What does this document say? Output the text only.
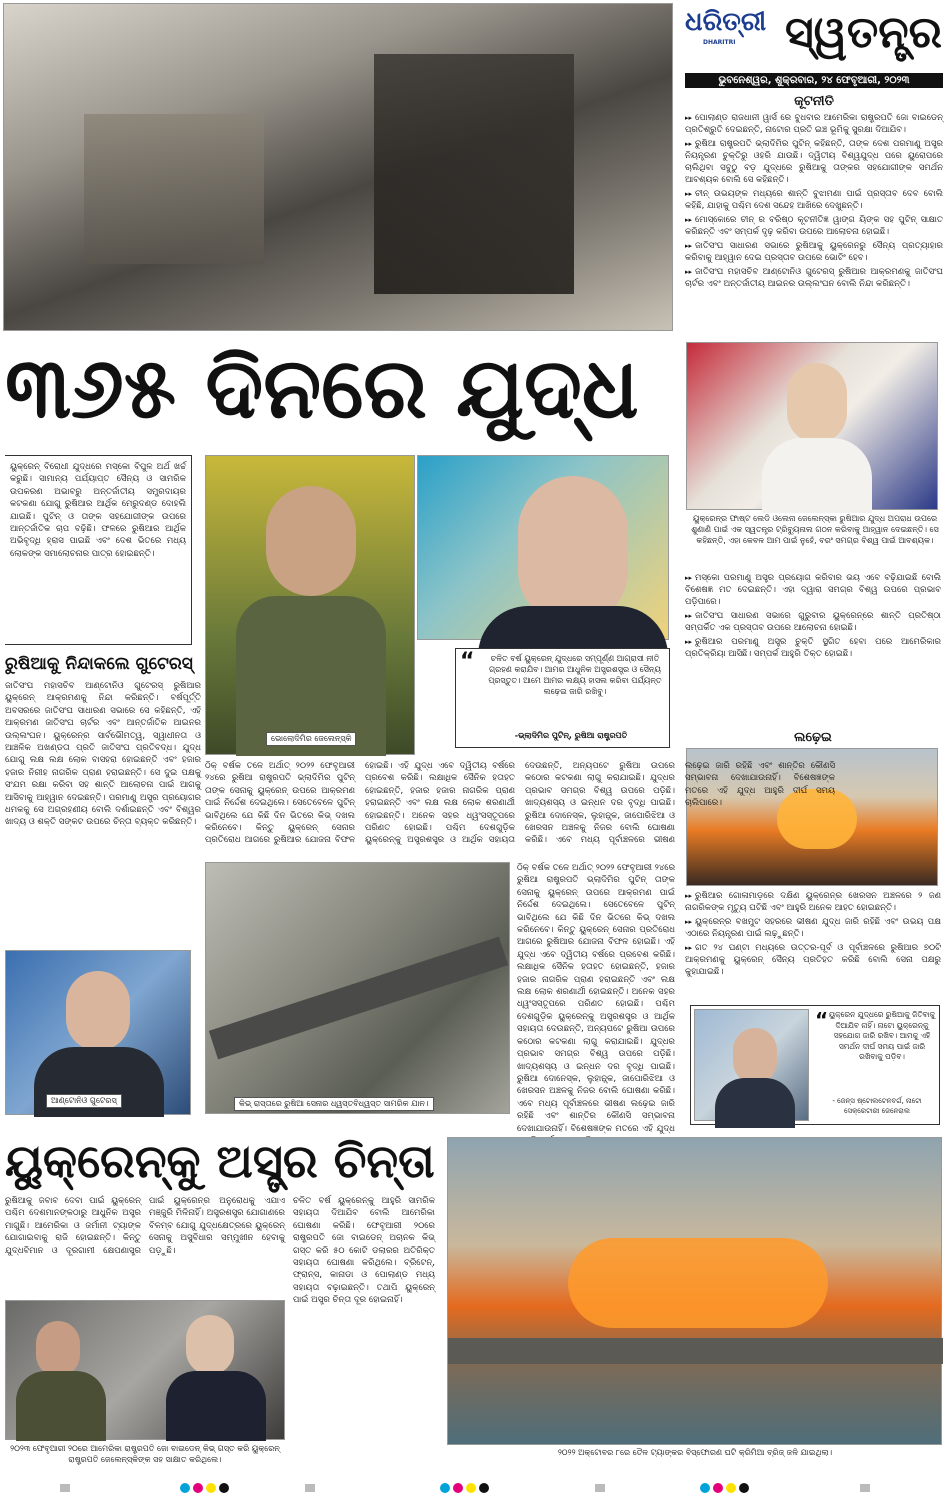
ଧରିତ୍ରୀ
DHARITRI ସ୍ୱତନ୍ତ୍ର
ଭୁବନେଶ୍ୱର, ଶୁକ୍ରବାର, ୨୪ ଫେବୃଆରୀ, ୨୦୨୩
କୂଟନୀତି
▸▸ ପୋଲାଣ୍ଡ ରାଜଧାନୀ ୱାର୍ସ ରେ ବୁଧବାର ଆମେରିକା ରାଷ୍ଟ୍ରପତି ଜୋ ବାଇଡେନ୍ ପ୍ରତିଶ୍ରୁତି ଦେଇଛନ୍ତି, ନାଟୋର ପ୍ରତି ଇଞ୍ଚ ଭୂମିକୁ ସୁରକ୍ଷା ଦିଆଯିବ।
▸▸ ରୁଷିଆ ରାଷ୍ଟ୍ରପତି ଭ୍ଲାଦିମିର ପୁଟିନ୍ କହିଛନ୍ତି, ତାଙ୍କ ଦେଶ ପରମାଣୁ ଅସ୍ତ୍ର ନିୟନ୍ତ୍ରଣ ଚୁକ୍ତିରୁ ଓହରି ଯାଉଛି। ଦ୍ୱିତୀୟ ବିଶ୍ୱଯୁଦ୍ଧ ପରେ ୟୁରୋପରେ ଚାଲିଥିବା ସବୁଠୁ ବଡ଼ ଯୁଦ୍ଧରେ ରୁଷିଆକୁ ତାଙ୍କର ସହଯୋଗୀଙ୍କ ସମର୍ଥନ ଆବଶ୍ୟକ ବୋଲି ସେ କହିଛନ୍ତି।
▸▸ ଚୀନ୍ ଉଭୟଙ୍କ ମଧ୍ୟରେ ଶାନ୍ତି ବୁଝାମଣା ପାଇଁ ପ୍ରସ୍ତାବ ଦେବ ବୋଲି କହିଛି, ଯାହାକୁ ପଶ୍ଚିମ ଦେଶ ସନ୍ଦେହ ଆଖିରେ ଦେଖୁଛନ୍ତି।
▸▸ ମୋସ୍କୋରେ ଚୀନ୍ ର ବରିଷ୍ଠ କୂଟନୀତିଜ୍ଞ ୱାଙ୍ଗ ୟିଙ୍କ ସହ ପୁଟିନ୍ ସାକ୍ଷାତ କରିଛନ୍ତି ଏବଂ ସମ୍ପର୍କ ଦୃଢ଼ କରିବା ଉପରେ ଆଲୋଚନା ହୋଇଛି।
▸▸ ଜାତିସଂଘ ସାଧାରଣ ସଭାରେ ରୁଷିଆକୁ ୟୁକ୍ରେନରୁ ସୈନ୍ୟ ପ୍ରତ୍ୟାହାର କରିବାକୁ ଆହ୍ୱାନ ଦେଇ ପ୍ରସ୍ତାବ ଉପରେ ଭୋଟିଂ ହେବ।
▸▸ ଜାତିସଂଘ ମହାସଚିବ ଆଣ୍ଟୋନିଓ ଗୁଟେରସ୍ ରୁଷିଆର ଆକ୍ରମଣକୁ ଜାତିସଂଘ ଚାର୍ଟର ଏବଂ ଅନ୍ତର୍ଜାତୀୟ ଆଇନର ଉଲ୍ଲଂଘନ ବୋଲି ନିନ୍ଦା କରିଛନ୍ତି।
୩୬୫ ଦିନରେ ଯୁଦ୍ଧ
ୟୁକ୍ରେନ୍‌ର ଫାଷ୍ଟ ଲେଡି ଓଲେନା ଜେଲେନ୍‌ସ୍କା ରୁଷିଆର ଯୁଦ୍ଧ ଅପରାଧ ଉପରେ ଶୁଣାଣି ପାଇଁ ଏକ ସ୍ୱତନ୍ତ୍ର ଟ୍ରିବ୍ୟୁନାଲ ଗଠନ କରିବାକୁ ଆହ୍ୱାନ ଦେଇଛନ୍ତି। ସେ କହିଛନ୍ତି, ଏହା କେବଳ ଆମ ପାଇଁ ନୁହେଁ, ବରଂ ସମଗ୍ର ବିଶ୍ୱ ପାଇଁ ଆବଶ୍ୟକ।
▸▸ ମସ୍କୋ ପରମାଣୁ ଅସ୍ତ୍ର ପ୍ରୟୋଗ କରିବାର ଭୟ ଏବେ ବଢ଼ିଯାଇଛି ବୋଲି ବିଶେଷଜ୍ଞ ମତ ଦେଇଛନ୍ତି। ଏହା ଦ୍ୱାରା ସମଗ୍ର ବିଶ୍ୱ ଉପରେ ପ୍ରଭାବ ପଡ଼ିପାରେ।
▸▸ ଜାତିସଂଘ ସାଧାରଣ ସଭାରେ ଗୁରୁବାର ୟୁକ୍ରେନ୍‌ରେ ଶାନ୍ତି ପ୍ରତିଷ୍ଠା ସମ୍ପର୍କିତ ଏକ ପ୍ରସ୍ତାବ ଉପରେ ଆଲୋଚନା ହୋଇଛି।
▸▸ ରୁଷିଆର ପରମାଣୁ ଅସ୍ତ୍ର ଚୁକ୍ତି ସ୍ଥଗିତ ହେବା ପରେ ଆମେରିକାର ପ୍ରତିକ୍ରିୟା ଆସିଛି। ସମ୍ପର୍କ ଆହୁରି ତିକ୍ତ ହୋଇଛି।
ଲଢ଼େଇ
▸▸ ରୁଷିଆର ଗୋଳାମାଡ଼ରେ ଦକ୍ଷିଣ ୟୁକ୍ରେନ୍‌ର ଖେରସନ ଅଞ୍ଚଳରେ ୨ ଜଣ ନାଗରିକଙ୍କ ମୃତ୍ୟୁ ଘଟିଛି ଏବଂ ଆହୁରି ଅନେକ ଆହତ ହୋଇଛନ୍ତି।
▸▸ ୟୁକ୍ରେନ୍‌ର ବଖମୁଟ ସହରରେ ଭୀଷଣ ଯୁଦ୍ଧ ଜାରି ରହିଛି ଏବଂ ଉଭୟ ପକ୍ଷ ଏଠାରେ ନିୟନ୍ତ୍ରଣ ପାଇଁ ଲଢ଼ୁଛନ୍ତି।
▸▸ ଗତ ୨୪ ଘଣ୍ଟା ମଧ୍ୟରେ ଉତ୍ତର-ପୂର୍ବ ଓ ପୂର୍ବାଞ୍ଚଳରେ ରୁଷିଆର ୭୦ଟି ଆକ୍ରମଣକୁ ୟୁକ୍ରେନ୍ ସୈନ୍ୟ ପ୍ରତିହତ କରିଛି ବୋଲି ସେନା ପକ୍ଷରୁ କୁହାଯାଇଛି।
“ ୟୁକ୍ରେନ ଯୁଦ୍ଧରେ ରୁଷିଆକୁ ଜିତିବାକୁ ଦିଆଯିବ ନାହିଁ। ନାଟୋ ୟୁକ୍ରେନ୍‌କୁ ସହଯୋଗ ଜାରି ରଖିବ। ଆମକୁ ଏହି ସମର୍ଥନ ଦୀର୍ଘ ସମୟ ପାଇଁ ଜାରି ରଖିବାକୁ ପଡ଼ିବ।
- ଜେନ୍ସ ଷ୍ଟୋଲଟେନବର୍ଗ, ନାଟୋ ସେକ୍ରେଟାରୀ ଜେନେରାଲ
ୟୁକ୍ରେନ୍ ବିରୋଧୀ ଯୁଦ୍ଧରେ ମସ୍କୋ ବିପୁଳ ଅର୍ଥ ଖର୍ଚ୍ଚ କରୁଛି। ସାମାନ୍ୟ ପର୍ଯ୍ୟାପ୍ତ ସୈନ୍ୟ ଓ ସାମରିକ ଉପକରଣ ଅଭାବରୁ ଅନ୍ତର୍ଜାତୀୟ ସମ୍ପ୍ରଦାୟର କଟକଣା ଯୋଗୁ ରୁଷିଆର ଆର୍ଥିକ ମେରୁଦଣ୍ଡ ଦୋହଲି ଯାଇଛି। ପୁଟିନ୍ ଓ ତାଙ୍କ ସହଯୋଗୀଙ୍କ ଉପରେ ଆନ୍ତର୍ଜାତିକ ଚାପ ବଢ଼ିଛି। ଫଳରେ ରୁଷିଆର ଆର୍ଥିକ ଅଭିବୃଦ୍ଧି ହ୍ରାସ ପାଇଛି ଏବଂ ଦେଶ ଭିତରେ ମଧ୍ୟ ଲୋକଙ୍କ ସମାଲୋଚନାର ପାତ୍ର ହୋଇଛନ୍ତି।
ଭୋଲୋଦିମିର ଜେଲେନ୍‌ସ୍କି
“	ଚଳିତ ବର୍ଷ ୟୁକ୍ରେନ୍ ଯୁଦ୍ଧରେ ସମ୍ପୂର୍ଣ୍ଣ ଆଗ୍ରାସୀ ନୀତି ଗ୍ରହଣ କରାଯିବ। ଆମର ଆଧୁନିକ ଅସ୍ତ୍ରଶସ୍ତ୍ର ଓ ସୈନ୍ୟ ପ୍ରସ୍ତୁତ। ଆମେ ଆମର ଲକ୍ଷ୍ୟ ହାସଲ କରିବା ପର୍ଯ୍ୟନ୍ତ ଲଢ଼େଇ ଜାରି ରଖିବୁ।
-ଭ୍ଲାଦିମିର ପୁଟିନ୍, ରୁଷିଆ ରାଷ୍ଟ୍ରପତି
ରୁଷିଆକୁ ନିନ୍ଦାକଲେ ଗୁଟେରସ୍
ଜାତିସଂଘ ମହାସଚିବ ଆଣ୍ଟୋନିଓ ଗୁଟେରସ୍ ରୁଷିଆର ୟୁକ୍ରେନ୍ ଆକ୍ରମଣକୁ ନିନ୍ଦା କରିଛନ୍ତି। ବର୍ଷପୂର୍ତ୍ତି ଅବସରରେ ଜାତିସଂଘ ସାଧାରଣ ସଭାରେ ସେ କହିଛନ୍ତି, ଏହି ଆକ୍ରମଣ ଜାତିସଂଘ ଚାର୍ଟର ଏବଂ ଆନ୍ତର୍ଜାତିକ ଆଇନର ଉଲ୍ଲଂଘନ। ୟୁକ୍ରେନ୍‌ର ସାର୍ବଭୌମତ୍ୱ, ସ୍ୱାଧୀନତା ଓ ଆଞ୍ଚଳିକ ଅଖଣ୍ଡତା ପ୍ରତି ଜାତିସଂଘ ପ୍ରତିବଦ୍ଧ। ଯୁଦ୍ଧ ଯୋଗୁ ଲକ୍ଷ ଲକ୍ଷ ଲୋକ ବାସହରା ହୋଇଛନ୍ତି ଏବଂ ହଜାର ହଜାର ନିରୀହ ନାଗରିକ ପ୍ରାଣ ହରାଇଛନ୍ତି। ସେ ଦୁଇ ପକ୍ଷକୁ ସଂଯମ ରକ୍ଷା କରିବା ସହ ଶାନ୍ତି ଆଲୋଚନା ପାଇଁ ଆଗକୁ ଆସିବାକୁ ଆହ୍ୱାନ ଦେଇଛନ୍ତି। ପରମାଣୁ ଅସ୍ତ୍ର ପ୍ରୟୋଗର ଧମକକୁ ସେ ଅଗ୍ରହଣୀୟ ବୋଲି ଦର୍ଶାଇଛନ୍ତି ଏବଂ ବିଶ୍ୱର ଖାଦ୍ୟ ଓ ଶକ୍ତି ସଙ୍କଟ ଉପରେ ଚିନ୍ତା ବ୍ୟକ୍ତ କରିଛନ୍ତି।
ଆଣ୍ଟୋନିଓ ଗୁଟେରସ୍
ଠିକ୍ ବର୍ଷକ ତଳେ ଅର୍ଥାତ୍ ୨୦୨୨ ଫେବୃଆରୀ ୨୪ରେ ରୁଷିଆ ରାଷ୍ଟ୍ରପତି ଭ୍ଲାଦିମିର ପୁଟିନ୍ ତାଙ୍କ ସେନାକୁ ୟୁକ୍ରେନ୍ ଉପରେ ଆକ୍ରମଣ ପାଇଁ ନିର୍ଦ୍ଦେଶ ଦେଇଥିଲେ। ସେତେବେଳେ ପୁଟିନ୍ ଭାବିଥିଲେ ଯେ କିଛି ଦିନ ଭିତରେ କିଭ୍ ଦଖଲ କରିନେବେ। କିନ୍ତୁ ୟୁକ୍ରେନ୍ ସେନାର ପ୍ରତିରୋଧ ଆଗରେ ରୁଷିଆର ଯୋଜନା ବିଫଳ ହୋଇଛି। ଏହି ଯୁଦ୍ଧ ଏବେ ଦ୍ୱିତୀୟ ବର୍ଷରେ ପ୍ରବେଶ କରିଛି। ଲକ୍ଷାଧିକ ସୈନିକ ହତାହତ ହୋଇଛନ୍ତି, ହଜାର ହଜାର ନାଗରିକ ପ୍ରାଣ ହରାଇଛନ୍ତି ଏବଂ ଲକ୍ଷ ଲକ୍ଷ ଲୋକ ଶରଣାର୍ଥୀ ହୋଇଛନ୍ତି। ଅନେକ ସହର ଧ୍ୱଂସସ୍ତୂପରେ ପରିଣତ ହୋଇଛି। ପଶ୍ଚିମ ଦେଶଗୁଡ଼ିକ ୟୁକ୍ରେନ୍‌କୁ ଅସ୍ତ୍ରଶସ୍ତ୍ର ଓ ଆର୍ଥିକ ସହାୟତା ଦେଉଛନ୍ତି, ଅନ୍ୟପଟେ ରୁଷିଆ ଉପରେ କଠୋର କଟକଣା ଲାଗୁ କରାଯାଇଛି। ଯୁଦ୍ଧର ପ୍ରଭାବ ସମଗ୍ର ବିଶ୍ୱ ଉପରେ ପଡ଼ିଛି। ଖାଦ୍ୟଶସ୍ୟ ଓ ଇନ୍ଧନ ଦର ବୃଦ୍ଧି ପାଇଛି। ରୁଷିଆ ଦୋନେସ୍କ, ଲୁହାନ୍ସ୍କ, ଜାପୋରିଝିଆ ଓ ଖେରସନ ଅଞ୍ଚଳକୁ ନିଜର ବୋଲି ଘୋଷଣା କରିଛି। ଏବେ ମଧ୍ୟ ପୂର୍ବାଞ୍ଚଳରେ ଭୀଷଣ
କିଭ୍ ରାସ୍ତାରେ ରୁଷିଆ ସେନାର ଧ୍ୱସ୍ତବିଧ୍ୱସ୍ତ ସାମରିକ ଯାନ।
ଠିକ୍ ବର୍ଷକ ତଳେ ଅର୍ଥାତ୍ ୨୦୨୨ ଫେବୃଆରୀ ୨୪ରେ ରୁଷିଆ ରାଷ୍ଟ୍ରପତି ଭ୍ଲାଦିମିର ପୁଟିନ୍ ତାଙ୍କ ସେନାକୁ ୟୁକ୍ରେନ୍ ଉପରେ ଆକ୍ରମଣ ପାଇଁ ନିର୍ଦ୍ଦେଶ ଦେଇଥିଲେ। ସେତେବେଳେ ପୁଟିନ୍ ଭାବିଥିଲେ ଯେ କିଛି ଦିନ ଭିତରେ କିଭ୍ ଦଖଲ କରିନେବେ। କିନ୍ତୁ ୟୁକ୍ରେନ୍ ସେନାର ପ୍ରତିରୋଧ ଆଗରେ ରୁଷିଆର ଯୋଜନା ବିଫଳ ହୋଇଛି। ଏହି ଯୁଦ୍ଧ ଏବେ ଦ୍ୱିତୀୟ ବର୍ଷରେ ପ୍ରବେଶ କରିଛି। ଲକ୍ଷାଧିକ ସୈନିକ ହତାହତ ହୋଇଛନ୍ତି, ହଜାର ହଜାର ନାଗରିକ ପ୍ରାଣ ହରାଇଛନ୍ତି ଏବଂ ଲକ୍ଷ ଲକ୍ଷ ଲୋକ ଶରଣାର୍ଥୀ ହୋଇଛନ୍ତି। ଅନେକ ସହର ଧ୍ୱଂସସ୍ତୂପରେ ପରିଣତ ହୋଇଛି। ପଶ୍ଚିମ ଦେଶଗୁଡ଼ିକ ୟୁକ୍ରେନ୍‌କୁ ଅସ୍ତ୍ରଶସ୍ତ୍ର ଓ ଆର୍ଥିକ ସହାୟତା ଦେଉଛନ୍ତି, ଅନ୍ୟପଟେ ରୁଷିଆ ଉପରେ କଠୋର କଟକଣା ଲାଗୁ କରାଯାଇଛି। ଯୁଦ୍ଧର ପ୍ରଭାବ ସମଗ୍ର ବିଶ୍ୱ ଉପରେ ପଡ଼ିଛି। ଖାଦ୍ୟଶସ୍ୟ ଓ ଇନ୍ଧନ ଦର ବୃଦ୍ଧି ପାଇଛି। ରୁଷିଆ ଦୋନେସ୍କ, ଲୁହାନ୍ସ୍କ, ଜାପୋରିଝିଆ ଓ ଖେରସନ ଅଞ୍ଚଳକୁ ନିଜର ବୋଲି ଘୋଷଣା କରିଛି। ଏବେ ମଧ୍ୟ ପୂର୍ବାଞ୍ଚଳରେ ଭୀଷଣ ଲଢ଼େଇ ଜାରି ରହିଛି ଏବଂ ଶାନ୍ତିର କୌଣସି ସମ୍ଭାବନା ଦେଖାଯାଉନାହିଁ। ବିଶେଷଜ୍ଞଙ୍କ ମତରେ ଏହି ଯୁଦ୍ଧ
ୟୁକ୍ରେନ୍‌କୁ ଅସ୍ତ୍ର ଚିନ୍ତା
ରୁଷିଆକୁ ଜବାବ ଦେବା ପାଇଁ ୟୁକ୍ରେନ୍ ପଶ୍ଚିମ ଦେଶମାନଙ୍କଠାରୁ ଆଧୁନିକ ଅସ୍ତ୍ର ମାଗୁଛି। ଆମେରିକା ଓ ଜର୍ମାନୀ ଟ୍ୟାଙ୍କ ଯୋଗାଇବାକୁ ରାଜି ହୋଇଛନ୍ତି। କିନ୍ତୁ ଯୁଦ୍ଧବିମାନ ଓ ଦୂରଗାମୀ କ୍ଷେପଣାସ୍ତ୍ର ପାଇଁ ୟୁକ୍ରେନ୍‌ର ଅନୁରୋଧକୁ ଏଯାଏ ମଞ୍ଜୁରି ମିଳିନାହିଁ। ଅସ୍ତ୍ରଶସ୍ତ୍ର ଯୋଗାଣରେ ବିଳମ୍ବ ଯୋଗୁ ଯୁଦ୍ଧକ୍ଷେତ୍ରରେ ୟୁକ୍ରେନ୍ ସେନାକୁ ଅସୁବିଧାର ସମ୍ମୁଖୀନ ହେବାକୁ ପଡ଼ୁଛି।
ଚଳିତ ବର୍ଷ ୟୁକ୍ରେନ୍‌କୁ ଆହୁରି ସାମରିକ ସହାୟତା ଦିଆଯିବ ବୋଲି ଆମେରିକା ଘୋଷଣା କରିଛି। ଫେବୃଆରୀ ୨୦ରେ ରାଷ୍ଟ୍ରପତି ଜୋ ବାଇଡେନ୍ ଅଚାନକ କିଭ୍ ଗସ୍ତ କରି ୫୦ କୋଟି ଡଲାରର ଅତିରିକ୍ତ ସହାୟତା ଘୋଷଣା କରିଥିଲେ। ବ୍ରିଟେନ୍, ଫ୍ରାନ୍ସ, କାନାଡା ଓ ପୋଲାଣ୍ଡ ମଧ୍ୟ ସହାୟତା ବଢ଼ାଇଛନ୍ତି। ତଥାପି ୟୁକ୍ରେନ୍ ପାଇଁ ଅସ୍ତ୍ର ଚିନ୍ତା ଦୂର ହୋଇନାହିଁ।
୨୦୨୩ ଫେବୃଆରୀ ୨୦ରେ ଆମେରିକା ରାଷ୍ଟ୍ରପତି ଜୋ ବାଇଡେନ୍ କିଭ୍ ଗସ୍ତ କରି ୟୁକ୍ରେନ୍ ରାଷ୍ଟ୍ରପତି ଜେଲେନ୍‌ସ୍କିଙ୍କ ସହ ସାକ୍ଷାତ କରିଥିଲେ।
୨୦୨୨ ଅକ୍ଟୋବର ୮ରେ ତୈଳ ଟ୍ୟାଙ୍କର ବିସ୍ଫୋରଣ ଘଟି କ୍ରିମିଆ ବ୍ରିଜ୍ ଜଳି ଯାଇଥିଲା।
